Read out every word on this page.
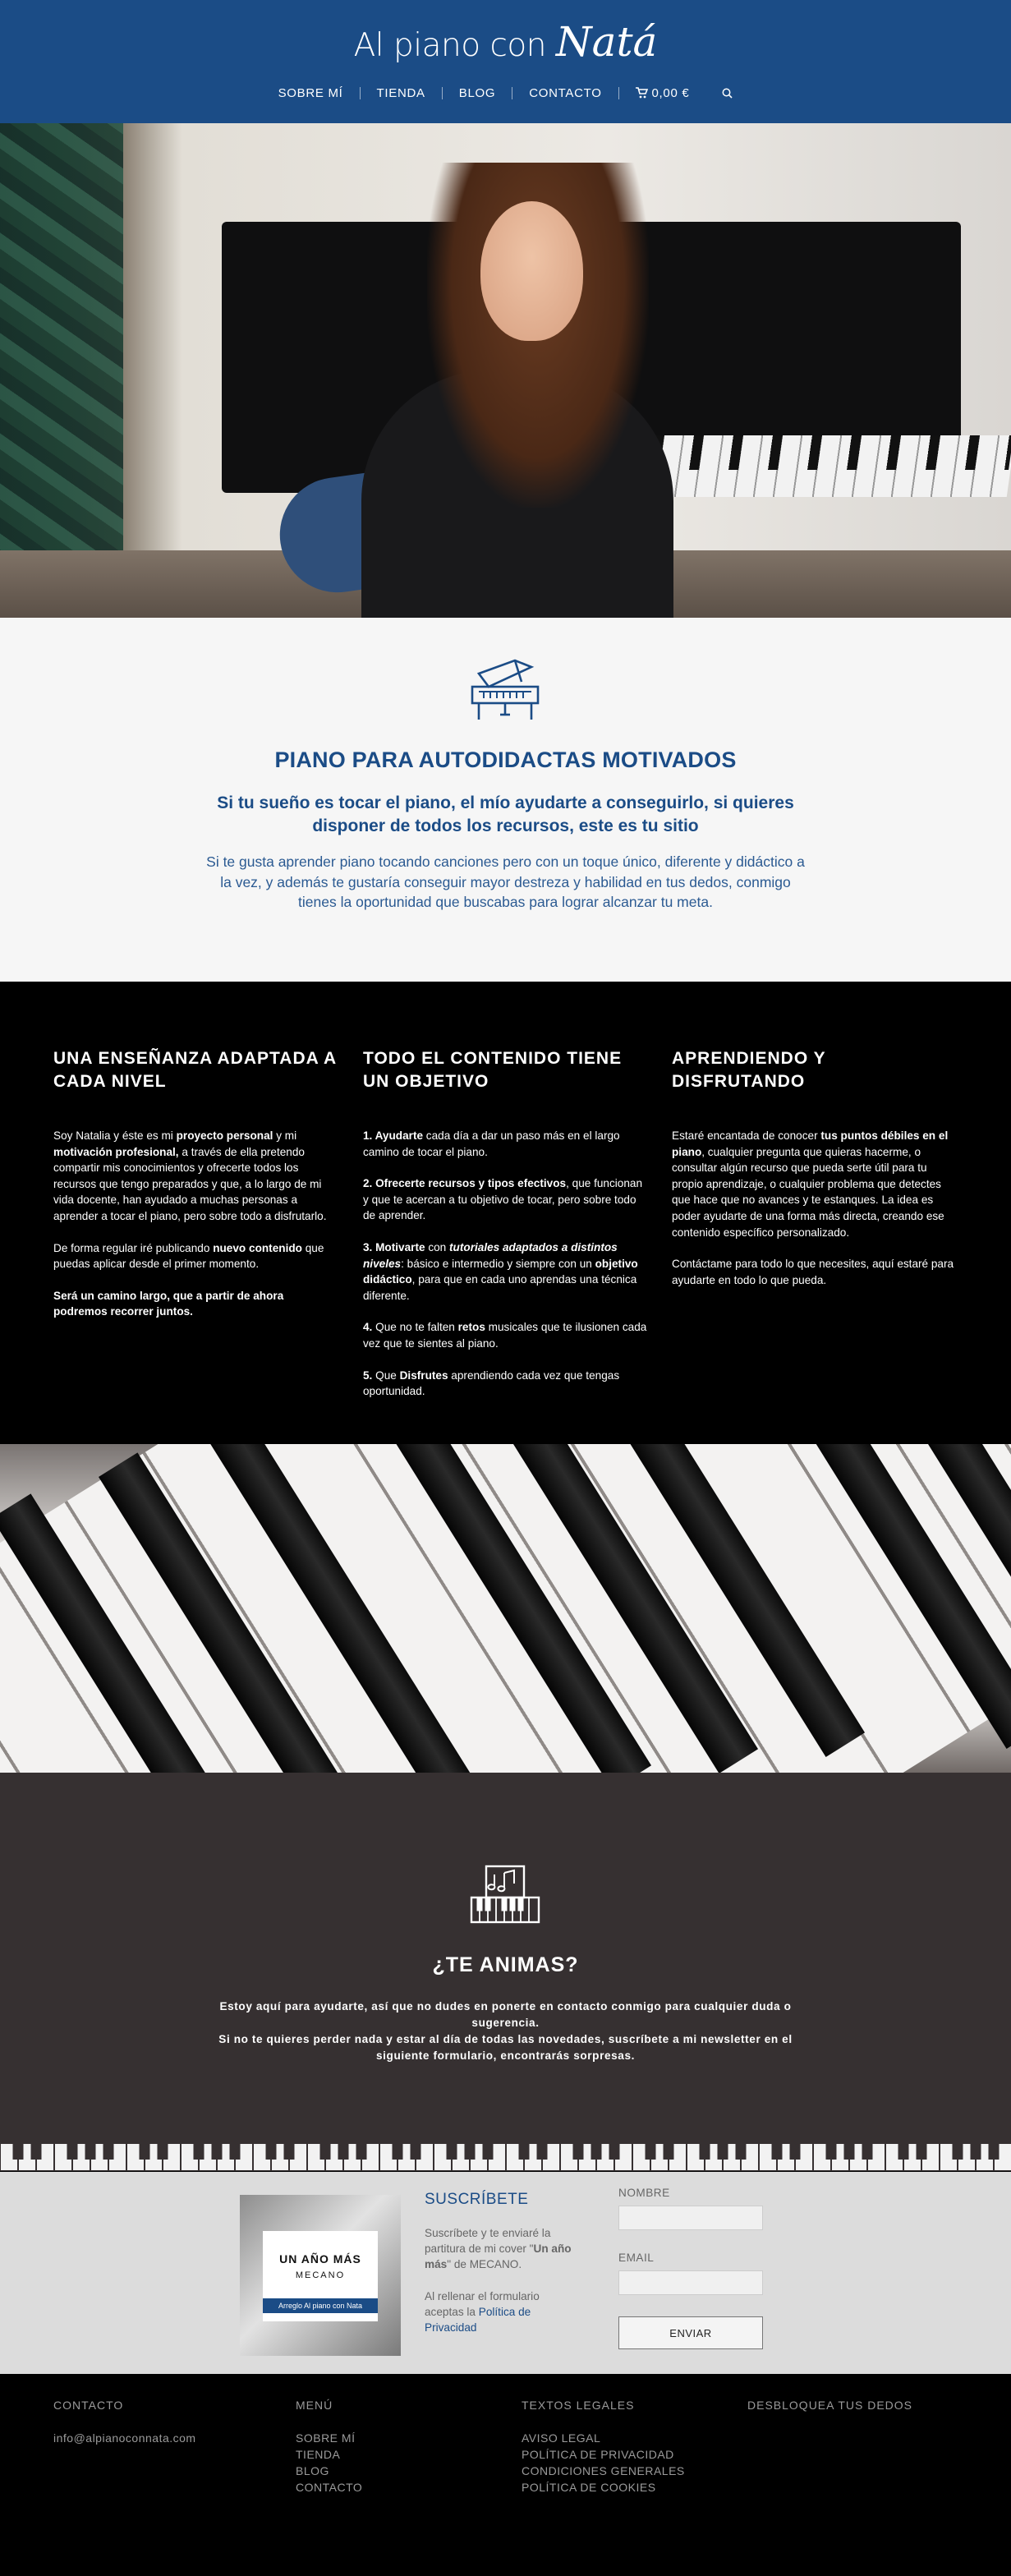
Al piano con Natá
SOBRE MÍ	TIENDA	BLOG	CONTACTO	0,00 €
PIANO PARA AUTODIDACTAS MOTIVADOS
Si tu sueño es tocar el piano, el mío ayudarte a conseguirlo, si quieres disponer de todos los recursos, este es tu sitio

Si te gusta aprender piano tocando canciones pero con un toque único, diferente y didáctico a la vez, y además te gustaría conseguir mayor destreza y habilidad en tus dedos, conmigo tienes la oportunidad que buscabas para lograr alcanzar tu meta.

UNA ENSEÑANZA ADAPTADA A CADA NIVEL

Soy Natalia y éste es mi proyecto personal y mi motivación profesional, a través de ella pretendo compartir mis conocimientos y ofrecerte todos los recursos que tengo preparados y que, a lo largo de mi vida docente, han ayudado a muchas personas a aprender a tocar el piano, pero sobre todo a disfrutarlo.

De forma regular iré publicando nuevo contenido que puedas aplicar desde el primer momento.

Será un camino largo, que a partir de ahora podremos recorrer juntos.

TODO EL CONTENIDO TIENE UN OBJETIVO

1. Ayudarte cada día a dar un paso más en el largo camino de tocar el piano.

2. Ofrecerte recursos y tipos efectivos, que funcionan y que te acercan a tu objetivo de tocar, pero sobre todo de aprender.

3. Motivarte con tutoriales adaptados a distintos niveles: básico e intermedio y siempre con un objetivo didáctico, para que en cada uno aprendas una técnica diferente.

4. Que no te falten retos musicales que te ilusionen cada vez que te sientes al piano.

5. Que Disfrutes aprendiendo cada vez que tengas oportunidad.

APRENDIENDO Y DISFRUTANDO

Estaré encantada de conocer tus puntos débiles en el piano, cualquier pregunta que quieras hacerme, o consultar algún recurso que pueda serte útil para tu propio aprendizaje, o cualquier problema que detectes que hace que no avances y te estanques. La idea es poder ayudarte de una forma más directa, creando ese contenido específico personalizado.

Contáctame para todo lo que necesites, aquí estaré para ayudarte en todo lo que pueda.

¿TE ANIMAS?

Estoy aquí para ayudarte, así que no dudes en ponerte en contacto conmigo para cualquier duda o sugerencia.
Si no te quieres perder nada y estar al día de todas las novedades, suscríbete a mi newsletter en el siguiente formulario, encontrarás sorpresas.

UN AÑO MÁS
MECANO
Arreglo Al piano con Nata
SUSCRÍBETE

Suscríbete y te enviaré la partitura de mi cover "Un año más" de MECANO.

Al rellenar el formulario aceptas la Política de Privacidad

NOMBRE
EMAIL
ENVIAR
CONTACTO
info@alpianoconnata.com
MENÚ
SOBRE MÍ
TIENDA
BLOG
CONTACTO
TEXTOS LEGALES
AVISO LEGAL
POLÍTICA DE PRIVACIDAD
CONDICIONES GENERALES
POLÍTICA DE COOKIES
DESBLOQUEA TUS DEDOS
